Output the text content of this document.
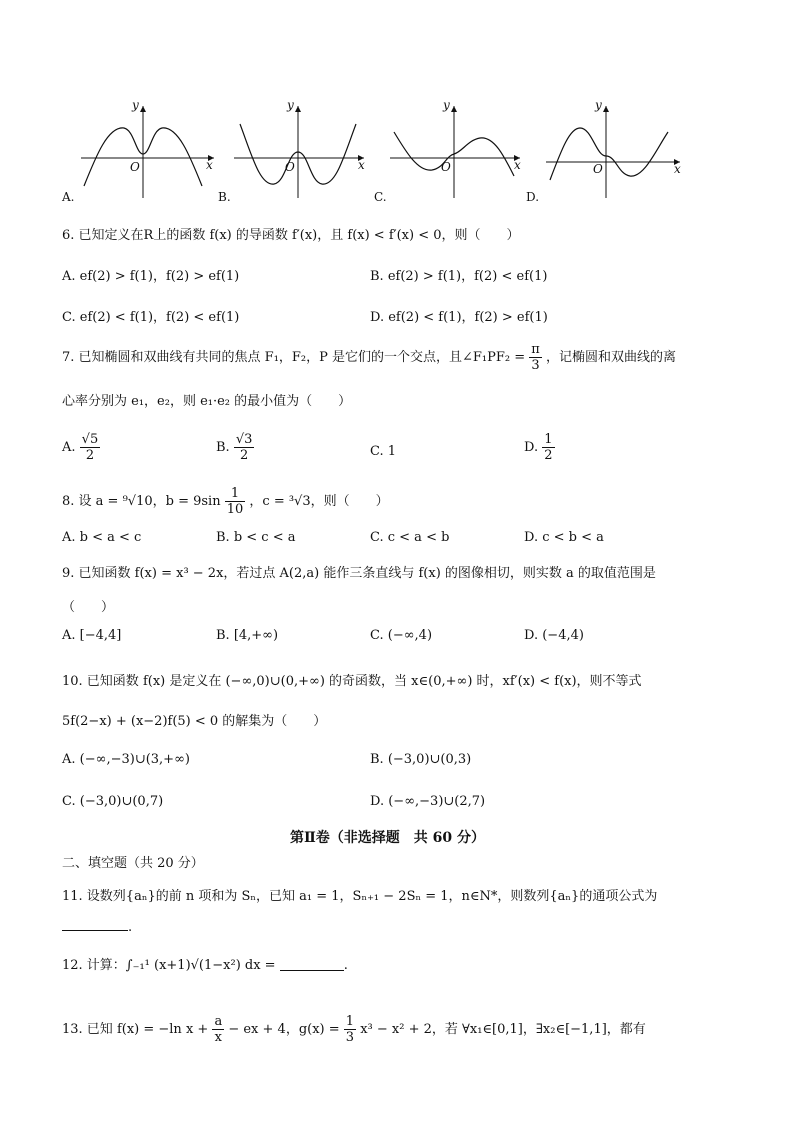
A.
O	x
y
B.
O	x
y
C.
O	x
y
D.
O	x
y
6. 已知定义在R上的函数 f(x) 的导函数 f′(x)，且 f(x) < f′(x) < 0，则（　　）
A. ef(2) > f(1)，f(2) > ef(1)	B. ef(2) > f(1)，f(2) < ef(1)
C. ef(2) < f(1)，f(2) < ef(1)	D. ef(2) < f(1)，f(2) > ef(1)
7. 已知椭圆和双曲线有共同的焦点 F₁，F₂，P 是它们的一个交点，且∠F₁PF₂ = $\frac{\pi}{3}$ ，记椭圆和双曲线的离
心率分别为 e₁，e₂，则 e₁·e₂ 的最小值为（　　）
A. $\frac{√5}{2}$	B. $\frac{√3}{2}$	C. 1	D. $\frac{1}{2}$
8. 设 a = ⁹√10，$b = 9\sin \frac{1}{10}$ ，c = ³√3，则（　　）
A. b < a < c	B. b < c < a	C. c < a < b	D. c < b < a
9. 已知函数 f(x) = x³ − 2x，若过点 A(2,a) 能作三条直线与 f(x) 的图像相切，则实数 a 的取值范围是
（　　）
A. [−4,4]	B. [4,+∞)	C. (−∞,4)	D. (−4,4)
10. 已知函数 f(x) 是定义在 (−∞,0)∪(0,+∞) 的奇函数，当 x∈(0,+∞) 时，xf′(x) < f(x)，则不等式
5f(2−x) + (x−2)f(5) < 0 的解集为（　　）
A. (−∞,−3)∪(3,+∞)	B. (−3,0)∪(0,3)
C. (−3,0)∪(0,7)	D. (−∞,−3)∪(2,7)
第Ⅱ卷（非选择题　共 60 分）
二、填空题（共 20 分）
11. 设数列{aₙ}的前 n 项和为 Sₙ，已知 a₁ = 1，Sₙ₊₁ − 2Sₙ = 1，n∈N*，则数列{aₙ}的通项公式为
.
12. 计算：∫₋₁¹ (x+1)√(1−x²) dx =	.
13. 已知 f(x) = −ln $x + \frac{a}{x}$ − ex + 4，$g(x) = \frac{1}{3} x^3 - x^2 + 2$，若 ∀x₁∈[0,1]，∃x₂∈[−1,1]，都有
